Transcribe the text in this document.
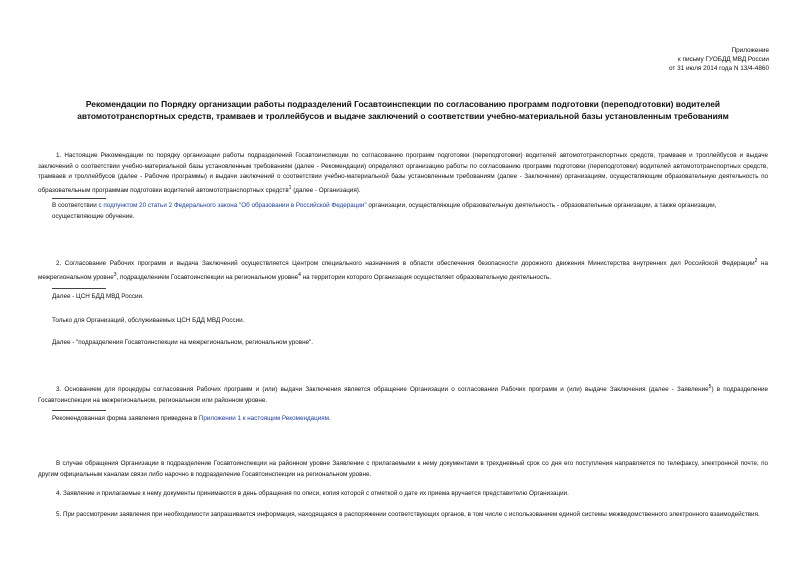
Приложение
к письму ГУОБДД МВД России
от 31 июля 2014 года N 13/4-4860
Рекомендации по Порядку организации работы подразделений Госавтоинспекции по согласованию программ подготовки (переподготовки) водителей автомототранспортных средств, трамваев и троллейбусов и выдаче заключений о соответствии учебно-материальной базы установленным требованиям
1. Настоящие Рекомендации по порядку организации работы подразделений Госавтоинспекции по согласованию программ подготовки (переподготовки) водителей автомототранспортных средств, трамваев и троллейбусов и выдаче заключений о соответствии учебно-материальной базы установленным требованиям (далее - Рекомендации) определяют организацию работы по согласованию программ подготовки (переподготовки) водителей автомототранспортных средств, трамваев и троллейбусов (далее - Рабочие программы) и выдачи заключений о соответствии учебно-материальной базы установленным требованиям (далее - Заключение) организациям, осуществляющим образовательную деятельность по образовательным программам подготовки водителей автомототранспортных средств$^1$ (далее - Организация).
В соответствии с подпунктом 20 статьи 2 Федерального закона "Об образовании в Российской Федерации" организации, осуществляющие образовательную деятельность - образовательные организации, а также организации, осуществляющие обучение.
2. Согласование Рабочих программ и выдача Заключений осуществляется Центром специального назначения в области обеспечения безопасности дорожного движения Министерства внутренних дел Российской Федерации$^2$ на межрегиональном уровне$^3$, подразделением Госавтоинспекции на региональном уровне$^4$ на территории которого Организация осуществляет образовательную деятельность.
Далее - ЦСН БДД МВД России.
Только для Организаций, обслуживаемых ЦСН БДД МВД России.
Далее - "подразделения Госавтоинспекции на межрегиональном, региональном уровне".
3. Основанием для процедуры согласования Рабочих программ и (или) выдачи Заключения является обращение Организации о согласовании Рабочих программ и (или) выдаче Заключения (далее - Заявление$^5$) в подразделение Госавтоинспекции на межрегиональном, региональном или районном уровне.
Рекомендованная форма заявления приведена в Приложении 1 к настоящим Рекомендациям.
В случае обращения Организации в подразделение Госавтоинспекции на районном уровне Заявление с прилагаемыми к нему документами в трехдневный срок со дня его поступления направляется по телефаксу, электронной почте, по другим официальным каналам связи либо нарочно в подразделение Госавтоинспекции на региональном уровне.
4. Заявление и прилагаемые к нему документы принимаются в день обращения по описи, копия которой с отметкой о дате их приема вручается представителю Организации.
5. При рассмотрении заявления при необходимости запрашивается информация, находящаяся в распоряжении соответствующих органов, в том числе с использованием единой системы межведомственного электронного взаимодействия.
